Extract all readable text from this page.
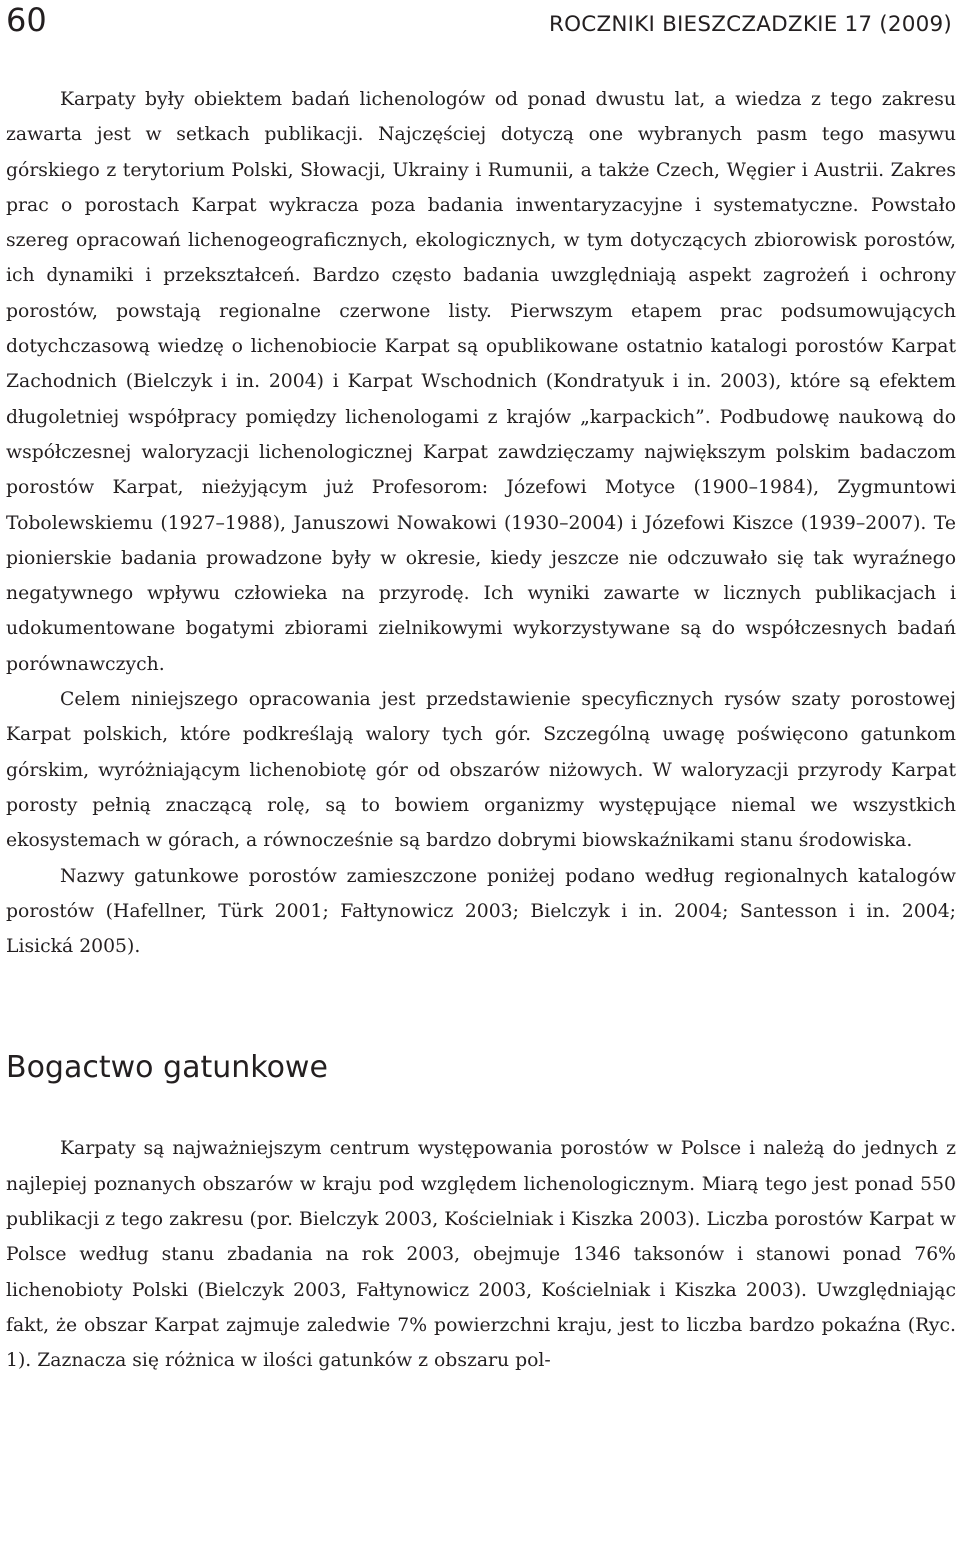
60	ROCZNIKI BIESZCZADZKIE 17 (2009)

Karpaty były obiektem badań lichenologów od ponad dwustu lat, a wiedza z tego zakresu zawarta jest w setkach publikacji. Najczęściej dotyczą one wybranych pasm tego masywu górskiego z terytorium Polski, Słowacji, Ukrainy i Rumunii, a także Czech, Węgier i Austrii. Zakres prac o porostach Karpat wykracza poza badania inwentaryzacyjne i systematyczne. Powstało szereg opracowań lichenogeograficznych, ekologicznych, w tym dotyczących zbiorowisk porostów, ich dynamiki i przekształceń. Bardzo często badania uwzględniają aspekt zagrożeń i ochrony porostów, powstają regionalne czerwone listy. Pierwszym etapem prac podsumowujących dotychczasową wiedzę o lichenobiocie Karpat są opublikowane ostatnio katalogi porostów Karpat Zachodnich (Bielczyk i in. 2004) i Karpat Wschodnich (Kondratyuk i in. 2003), które są efektem długoletniej współpracy pomiędzy lichenologami z krajów „karpackich”. Podbudowę naukową do współczesnej waloryzacji lichenologicznej Karpat zawdzięczamy największym polskim badaczom porostów Karpat, nieżyjącym już Profesorom: Józefowi Motyce (1900–1984), Zygmuntowi Tobolewskiemu (1927–1988), Januszowi Nowakowi (1930–2004) i Józefowi Kiszce (1939–2007). Te pionierskie badania prowadzone były w okresie, kiedy jeszcze nie odczuwało się tak wyraźnego negatywnego wpływu człowieka na przyrodę. Ich wyniki zawarte w licznych publikacjach i udokumentowane bogatymi zbiorami zielnikowymi wykorzystywane są do współczesnych badań porównawczych.

Celem niniejszego opracowania jest przedstawienie specyficznych rysów szaty porostowej Karpat polskich, które podkreślają walory tych gór. Szczególną uwagę poświęcono gatunkom górskim, wyróżniającym lichenobiotę gór od obszarów niżowych. W waloryzacji przyrody Karpat porosty pełnią znaczącą rolę, są to bowiem organizmy występujące niemal we wszystkich ekosystemach w górach, a równocześnie są bardzo dobrymi biowskaźnikami stanu środowiska.

Nazwy gatunkowe porostów zamieszczone poniżej podano według regionalnych katalogów porostów (Hafellner, Türk 2001; Fałtynowicz 2003; Bielczyk i in. 2004; Santesson i in. 2004; Lisická 2005).

Bogactwo gatunkowe

Karpaty są najważniejszym centrum występowania porostów w Polsce i należą do jednych z najlepiej poznanych obszarów w kraju pod względem lichenologicznym. Miarą tego jest ponad 550 publikacji z tego zakresu (por. Bielczyk 2003, Kościelniak i Kiszka 2003). Liczba porostów Karpat w Polsce według stanu zbadania na rok 2003, obejmuje 1346 taksonów i stanowi ponad 76% lichenobioty Polski (Bielczyk 2003, Fałtynowicz 2003, Kościelniak i Kiszka 2003). Uwzględniając fakt, że obszar Karpat zajmuje zaledwie 7% powierzchni kraju, jest to liczba bardzo pokaźna (Ryc. 1). Zaznacza się różnica w ilości gatunków z obszaru pol-
